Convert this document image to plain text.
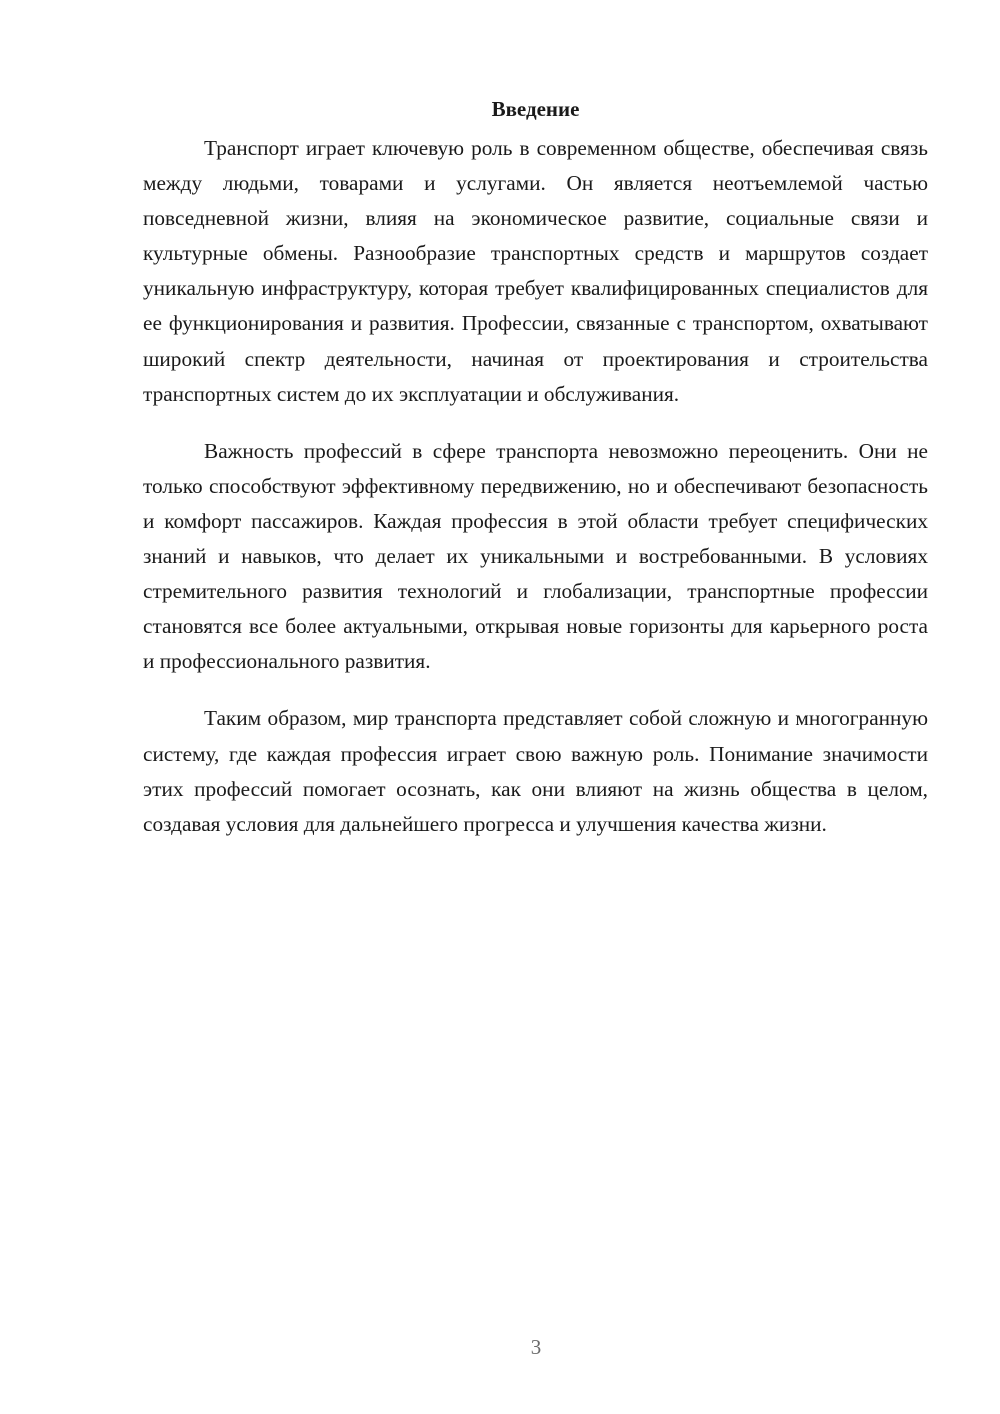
Введение

Транспорт играет ключевую роль в современном обществе, обеспечивая связь между людьми, товарами и услугами. Он является неотъемлемой частью повседневной жизни, влияя на экономическое развитие, социальные связи и культурные обмены. Разнообразие транспортных средств и маршрутов создает уникальную инфраструктуру, которая требует квалифицированных специалистов для ее функционирования и развития. Профессии, связанные с транспортом, охватывают широкий спектр деятельности, начиная от проектирования и строительства транспортных систем до их эксплуатации и обслуживания.

Важность профессий в сфере транспорта невозможно переоценить. Они не только способствуют эффективному передвижению, но и обеспечивают безопасность и комфорт пассажиров. Каждая профессия в этой области требует специфических знаний и навыков, что делает их уникальными и востребованными. В условиях стремительного развития технологий и глобализации, транспортные профессии становятся все более актуальными, открывая новые горизонты для карьерного роста и профессионального развития.

Таким образом, мир транспорта представляет собой сложную и многогранную систему, где каждая профессия играет свою важную роль. Понимание значимости этих профессий помогает осознать, как они влияют на жизнь общества в целом, создавая условия для дальнейшего прогресса и улучшения качества жизни.

3
